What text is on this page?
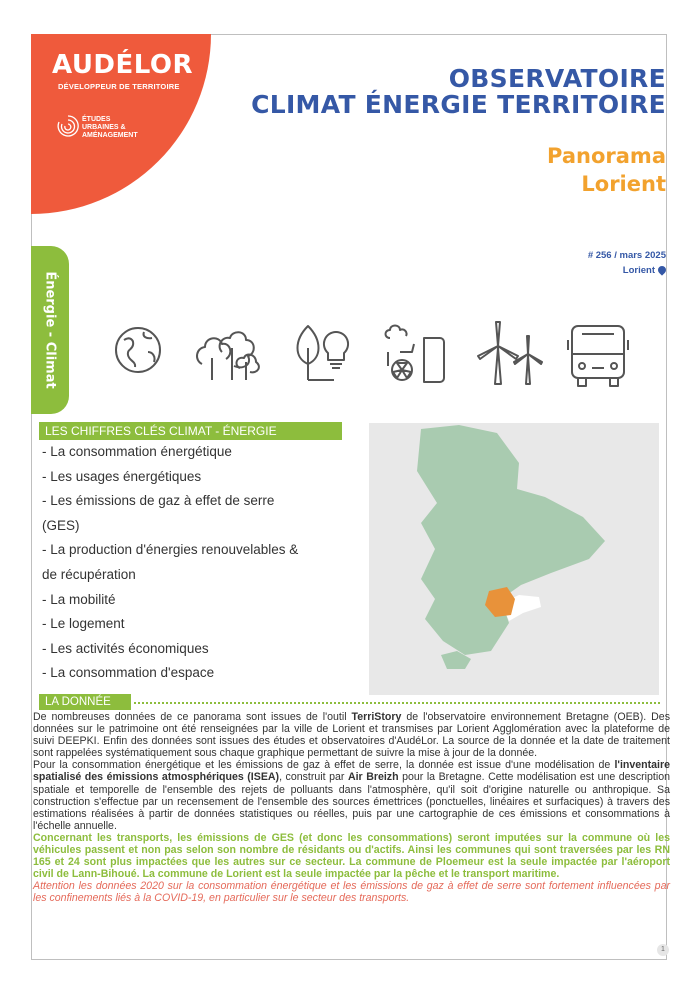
AUDÉLOR
DÉVELOPPEUR DE TERRITOIRE
ÉTUDES
URBAINES &
AMÉNAGEMENT
OBSERVATOIRE
CLIMAT ÉNERGIE TERRITOIRE
Panorama
Lorient
# 256 / mars 2025
Lorient
Énergie - Climat
LES CHIFFRES CLÉS CLIMAT - ÉNERGIE
- La consommation énergétique
- Les usages énergétiques
- Les émissions de gaz à effet de serre
(GES)
- La production d'énergies renouvelables &
de récupération
- La mobilité
- Le logement
- Les activités économiques
- La consommation d'espace
LA DONNÉE

De nombreuses données de ce panorama sont issues de l'outil TerriStory de l'observatoire environnement Bretagne (OEB). Des données sur le patrimoine ont été renseignées par la ville de Lorient et transmises par Lorient Agglomération avec la plateforme de suivi DEEPKI. Enfin des données sont issues des études et observatoires d'AudéLor. La source de la donnée et la date de traitement sont rappelées systématiquement sous chaque graphique permettant de suivre la mise à jour de la donnée.

Pour la consommation énergétique et les émissions de gaz à effet de serre, la donnée est issue d'une modélisation de l'inventaire spatialisé des émissions atmosphériques (ISEA), construit par Air Breizh pour la Bretagne. Cette modélisation est une description spatiale et temporelle de l'ensemble des rejets de polluants dans l'atmosphère, qu'il soit d'origine naturelle ou anthropique. Sa construction s'effectue par un recensement de l'ensemble des sources émettrices (ponctuelles, linéaires et surfaciques) à travers des estimations réalisées à partir de données statistiques ou réelles, puis par une cartographie de ces émissions et consommations à l'échelle annuelle.

Concernant les transports, les émissions de GES (et donc les consommations) seront imputées sur la commune où les véhicules passent et non pas selon son nombre de résidants ou d'actifs. Ainsi les communes qui sont traversées par les RN 165 et 24 sont plus impactées que les autres sur ce secteur. La commune de Ploemeur est la seule impactée par l'aéroport civil de Lann-Bihoué. La commune de Lorient est la seule impactée par la pêche et le transport maritime.

Attention les données 2020 sur la consommation énergétique et les émissions de gaz à effet de serre sont fortement influencées par les confinements liés à la COVID-19, en particulier sur le secteur des transports.

1
